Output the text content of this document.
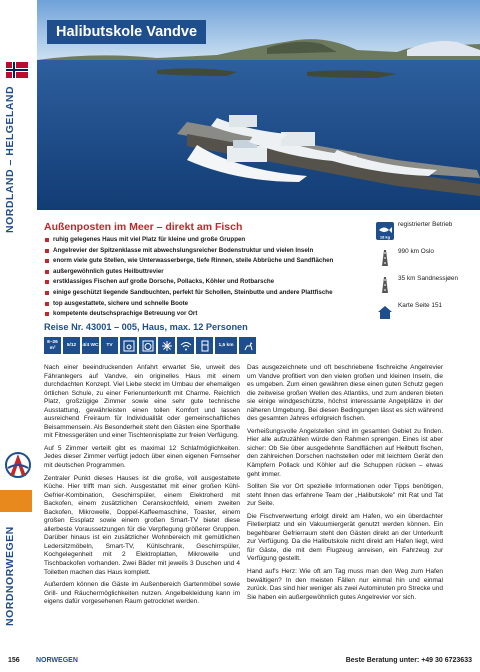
NORDLAND – HELGELAND
NORDNORWEGEN
Halibutskole Vandve
Außenposten im Meer – direkt am Fisch
ruhig gelegenes Haus mit viel Platz für kleine und große Gruppen
Angelrevier der Spitzenklasse mit abwechslungsreicher Bodenstruktur und vielen Inseln
enorm viele gute Stellen, wie Unterwasserberge, tiefe Rinnen, steile Abbrüche und Sandflächen
außergewöhnlich gutes Heilbuttrevier
erstklassiges Fischen auf große Dorsche, Pollacks, Köhler und Rotbarsche
einige geschützt liegende Sandbuchten, perfekt für Schollen, Steinbutte und andere Plattfische
top ausgestattete, sichere und schnelle Boote
kompetente deutschsprachige Betreuung vor Ort
18 kg
registrierter Betrieb
990 km Oslo
35 km Sandnessjøen
Karte Seite 151
Reise Nr. 43001 – 005, Haus, max. 12 Personen
8–26 m²
5/12	4/4 WC	TV	1,5 km

Nach einer beeindruckenden Anfahrt erwartet Sie, unweit des Fähranlegers auf Vandve, ein originelles Haus mit einem durchdachten Konzept. Viel Liebe steckt im Umbau der ehemaligen örtlichen Schule, zu einer Ferienunterkunft mit Charme. Reichlich Platz, großzügige Zimmer sowie eine sehr gute technische Ausstattung, gewährleisten einen tollen Komfort und lassen ausreichend Freiraum für Individualität oder gemeinschaftliches Beisammensein. Als Besonderheit steht den Gästen eine Sporthalle mit Fitnessgeräten und einer Tischtennisplatte zur freien Verfügung.

Auf 5 Zimmer verteilt gibt es maximal 12 Schlafmöglichkeiten. Jedes dieser Zimmer verfügt jedoch über einen eigenen Fernseher mit deutschen Programmen.

Zentraler Punkt dieses Hauses ist die große, voll ausgestattete Küche. Hier trifft man sich. Ausgestattet mit einer großen Kühl-Gefrier-Kombination, Geschirrspüler, einem Elektroherd mit Backofen, einem zusätzlichen Ceranskochfeld, einem zweiten Backofen, Mikrowelle, Doppel-Kaffeemaschine, Toaster, einem großen Essplatz sowie einem großen Smart-TV bietet diese allerbeste Voraussetzungen für die Verpflegung größerer Gruppen. Darüber hinaus ist ein zusätzlicher Wohnbereich mit gemütlichen Ledersitzmöbeln, Smart-TV, Kühlschrank, Geschirrspüler, Kochgelegenheit mit 2 Elektroplatten, Mikrowelle und Tischbackofen vorhanden. Zwei Bäder mit jeweils 3 Duschen und 4 Toiletten machen das Haus komplett.

Außerdem können die Gäste im Außenbereich Gartenmöbel sowie Grill- und Räuchermöglichkeiten nutzen. Angelbekleidung kann im eigens dafür vorgesehenen Raum getrocknet werden.

Das ausgezeichnete und oft beschriebene fischreiche Angelrevier um Vandve profitiert von den vielen großen und kleinen Inseln, die es umgeben. Zum einen gewähren diese einen guten Schutz gegen die zeitweise großen Wellen des Atlantiks, und zum anderen bieten sie einige windgeschützte, höchst interessante Angelplätze in der näheren Umgebung. Bei diesen Bedingungen lässt es sich während des gesamten Jahres erfolgreich fischen.

Verheißungsvolle Angelstellen sind im gesamten Gebiet zu finden. Hier alle aufzuzählen würde den Rahmen sprengen. Eines ist aber sicher: Ob Sie über ausgedehnte Sandflächen auf Heilbutt fischen, den zahlreichen Dorschen nachstellen oder mit leichtem Gerät den Kämpfern Pollack und Köhler auf die Schuppen rücken – etwas geht immer.

Sollten Sie vor Ort spezielle Informationen oder Tipps benötigen, steht Ihnen das erfahrene Team der „Halibutskole" mit Rat und Tat zur Seite.

Die Fischverwertung erfolgt direkt am Hafen, wo ein überdachter Filetierplatz und ein Vakuumiergerät genutzt werden können. Ein begehbarer Gefrierraum steht den Gästen direkt an der Unterkunft zur Verfügung. Da die Halibutskole nicht direkt am Hafen liegt, wird für Gäste, die mit dem Flugzeug anreisen, ein Fahrzeug zur Verfügung gestellt.

Hand auf's Herz: Wie oft am Tag muss man den Weg zum Hafen bewältigen? In den meisten Fällen nur einmal hin und einmal zurück. Das sind hier weniger als zwei Autominuten pro Strecke und Sie haben ein außergewöhnlich gutes Angelrevier vor sich.

156 NORWEGEN	Beste Beratung unter: +49 30 6723633
